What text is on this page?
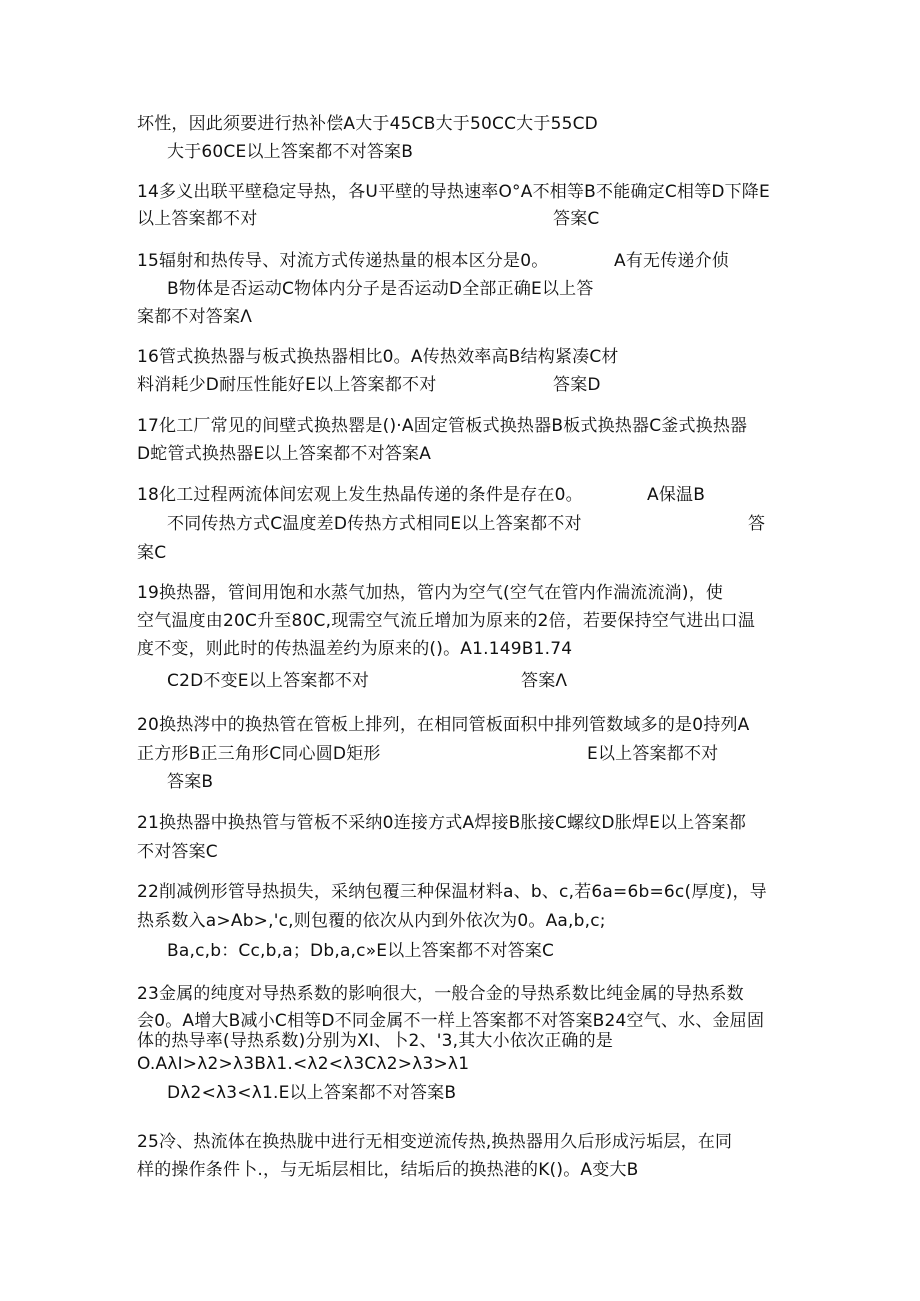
坏性，因此须要进行热补偿A大于45CB大于50CC大于55CD
大于60CE以上答案都不对答案B
14多义出联平壁稳定导热，各U平壁的导热速率O°A不相等B不能确定C相等D下降E
以上答案都不对	答案C
15辐射和热传导、对流方式传递热量的根本区分是0。	A有无传递介侦
B物体是否运动C物体内分子是否运动D全部正确E以上答
案都不对答案Λ
16管式换热器与板式换热器相比0。A传热效率高B结构紧凑C材
料消耗少D耐压性能好E以上答案都不对	答案D
17化工厂常见的间壁式换热罂是()·A固定管板式换热器B板式换热器C釜式换热器
D蛇管式换热器E以上答案都不对答案A
18化工过程两流体间宏观上发生热晶传递的条件是存在0。	A保温B
不同传热方式C温度差D传热方式相同E以上答案都不对	答
案C
19换热器，管间用饱和水蒸气加热，管内为空气(空气在管内作湍流流淌)，使
空气温度由20C升至80C,现需空气流丘增加为原来的2倍，若要保持空气进出口温
度不变，则此时的传热温差约为原来的()。A1.149B1.74
C2D不变E以上答案都不对	答案Λ
20换热涔中的换热管在管板上排列，在相同管板面积中排列管数域多的是0持列A
正方形B正三角形C同心圆D矩形	E以上答案都不对
答案B
21换热器中换热管与管板不采纳0连接方式A焊接B胀接C螺纹D胀焊E以上答案都
不对答案C
22削减例形管导热损失，采纳包覆三种保温材料a、b、c,若6a=6b=6c(厚度)，导
热系数入a>Ab>,'c,则包覆的依次从内到外依次为0。Aa,b,c;
Ba,c,b：Cc,b,a；Db,a,c»E以上答案都不对答案C
23金属的纯度对导热系数的影响很大，一般合金的导热系数比纯金属的导热系数
会0。A增大B减小C相等D不同金属不一样上答案都不对答案B24空气、水、金屈固
体的热导率(导热系数)分别为XI、卜2、'3,其大小依次正确的是
O.AλI>λ2>λ3Bλ1.<λ2<λ3Cλ2>λ3>λ1
Dλ2<λ3<λ1.E以上答案都不对答案B
25冷、热流体在换热胧中进行无相变逆流传热,换热器用久后形成污垢层，在同
样的操作条件卜.，与无垢层相比，结垢后的换热港的K()。A变大B
